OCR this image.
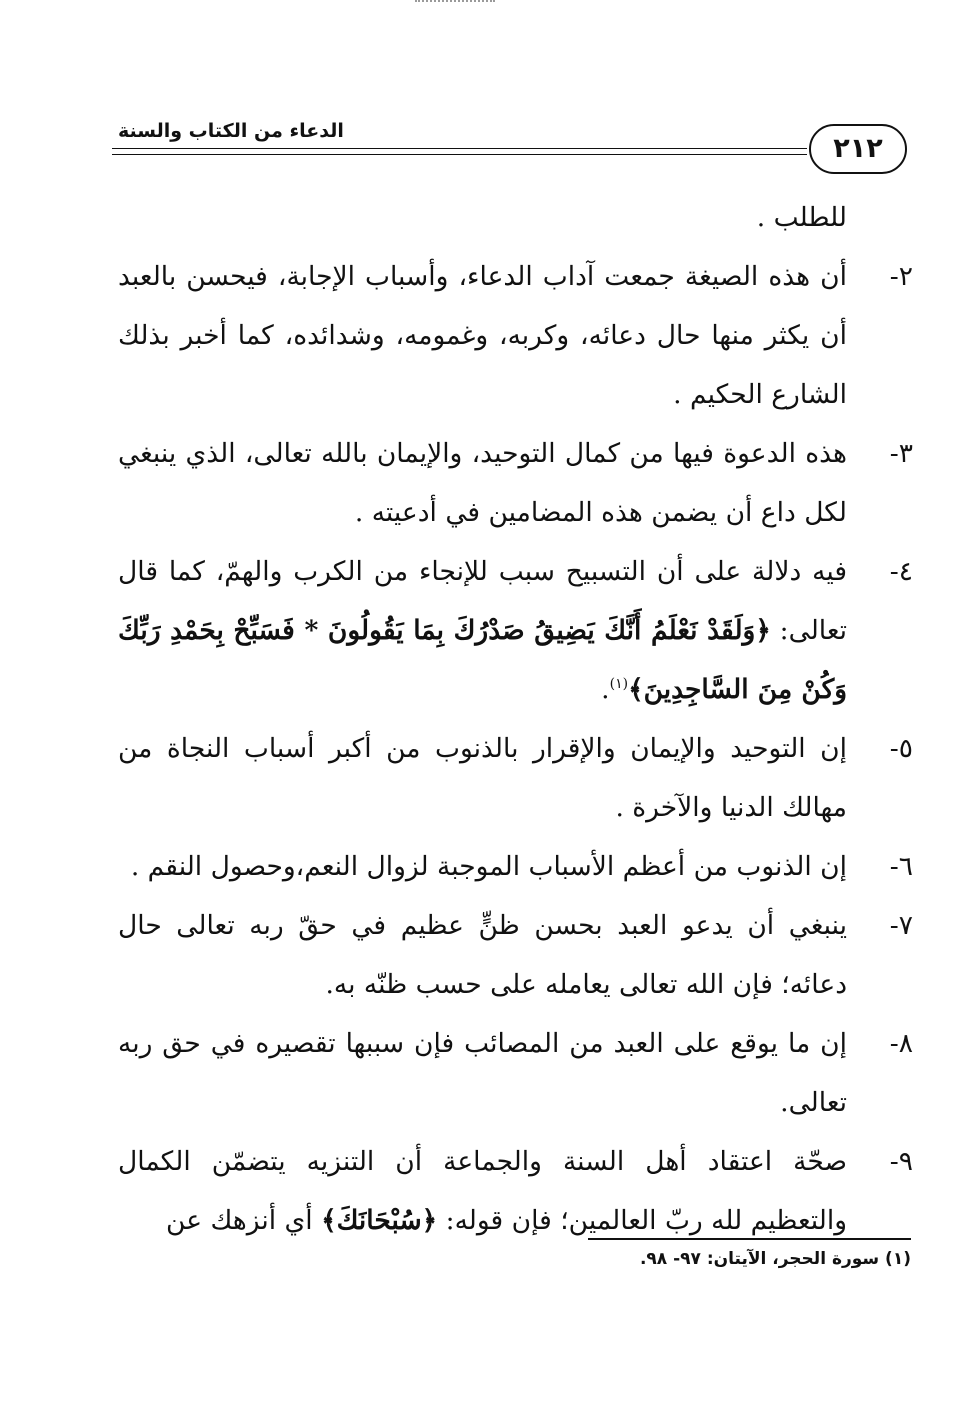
الدعاء من الكتاب والسنة
٢١٢

للطلب .

٢-أن هذه الصيغة جمعت آداب الدعاء، وأسباب الإجابة، فيحسن بالعبد أن يكثر منها حال دعائه، وكربه، وغمومه، وشدائده، كما أخبر بذلك الشارع الحكيم .

٣-هذه الدعوة فيها من كمال التوحيد، والإيمان بالله تعالى، الذي ينبغي لكل داع أن يضمن هذه المضامين في أدعيته .

٤-فيه دلالة على أن التسبيح سبب للإنجاء من الكرب والهمّ، كما قال تعالى: ﴿وَلَقَدْ نَعْلَمُ أَنَّكَ يَضِيقُ صَدْرُكَ بِمَا يَقُولُونَ * فَسَبِّحْ بِحَمْدِ رَبِّكَ وَكُنْ مِنَ السَّاجِدِينَ﴾$^{(١)}$.

٥-إن التوحيد والإيمان والإقرار بالذنوب من أكبر أسباب النجاة من مهالك الدنيا والآخرة .

٦-إن الذنوب من أعظم الأسباب الموجبة لزوال النعم،وحصول النقم .

٧-ينبغي أن يدعو العبد بحسن ظنٍّ عظيم في حقّ ربه تعالى حال دعائه؛ فإن الله تعالى يعامله على حسب ظنّه به.

٨-إن ما يوقع على العبد من المصائب فإن سببها تقصيره في حق ربه تعالى.

٩-صحّة اعتقاد أهل السنة والجماعة أن التنزيه يتضمّن الكمال والتعظيم لله ربّ العالمين؛ فإن قوله: ﴿سُبْحَانَكَ﴾ أي أنزهك عن

(١) سورة الحجر، الآيتان: ٩٧- ٩٨.
